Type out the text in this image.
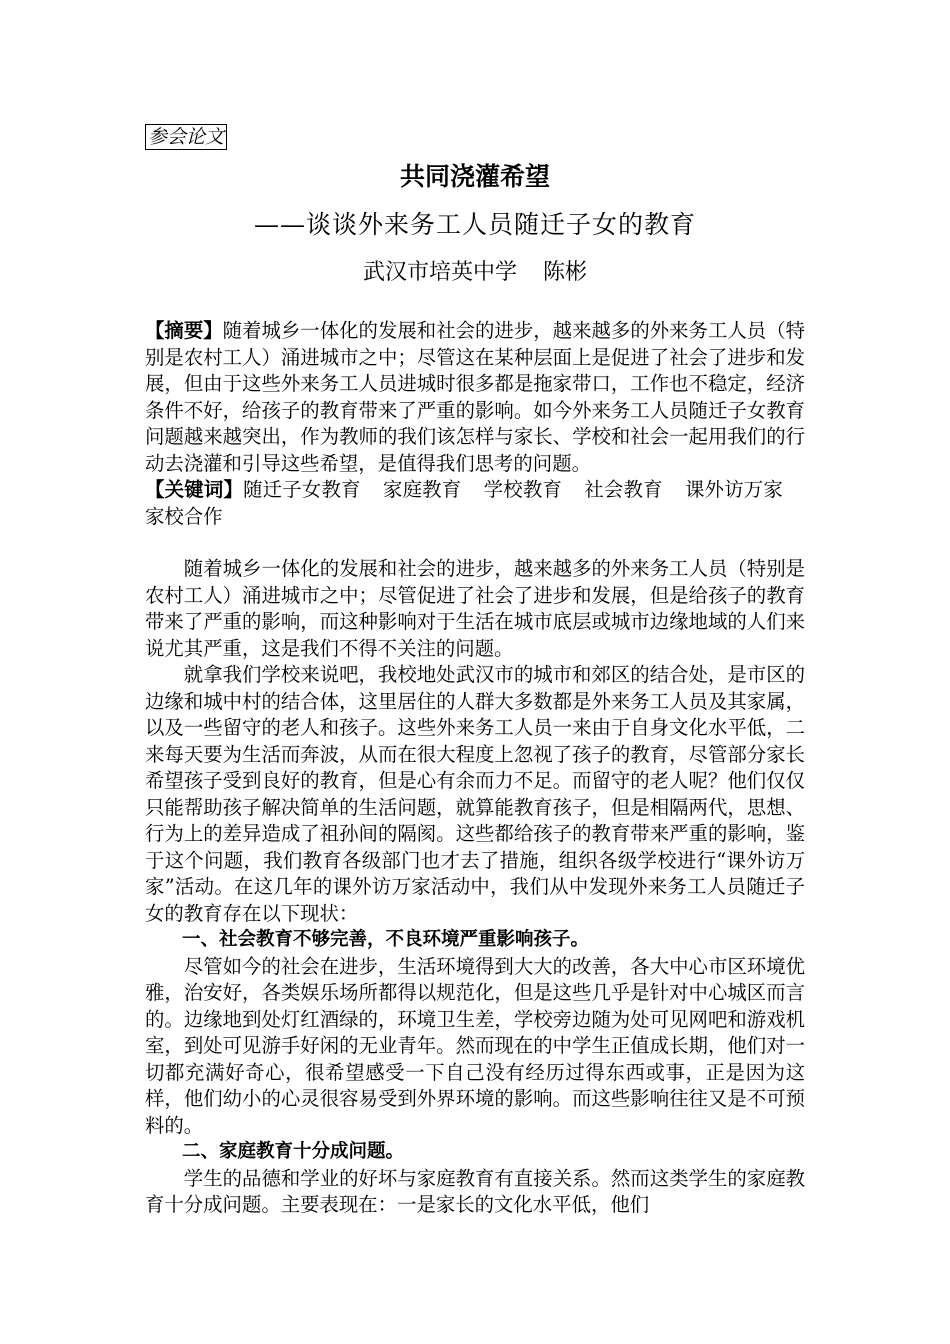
参会论文
共同浇灌希望
——谈谈外来务工人员随迁子女的教育
武汉市培英中学 陈彬

【摘要】随着城乡一体化的发展和社会的进步，越来越多的外来务工人员（特别是农村工人）涌进城市之中；尽管这在某种层面上是促进了社会了进步和发展，但由于这些外来务工人员进城时很多都是拖家带口，工作也不稳定，经济条件不好，给孩子的教育带来了严重的影响。如今外来务工人员随迁子女教育问题越来越突出，作为教师的我们该怎样与家长、学校和社会一起用我们的行动去浇灌和引导这些希望，是值得我们思考的问题。

【关键词】随迁子女教育 家庭教育 学校教育 社会教育 课外访万家家校合作

随着城乡一体化的发展和社会的进步，越来越多的外来务工人员（特别是农村工人）涌进城市之中；尽管促进了社会了进步和发展，但是给孩子的教育带来了严重的影响，而这种影响对于生活在城市底层或城市边缘地域的人们来说尤其严重，这是我们不得不关注的问题。

就拿我们学校来说吧，我校地处武汉市的城市和郊区的结合处，是市区的边缘和城中村的结合体，这里居住的人群大多数都是外来务工人员及其家属，以及一些留守的老人和孩子。这些外来务工人员一来由于自身文化水平低，二来每天要为生活而奔波，从而在很大程度上忽视了孩子的教育，尽管部分家长希望孩子受到良好的教育，但是心有余而力不足。而留守的老人呢？他们仅仅只能帮助孩子解决简单的生活问题，就算能教育孩子，但是相隔两代，思想、行为上的差异造成了祖孙间的隔阂。这些都给孩子的教育带来严重的影响，鉴于这个问题，我们教育各级部门也才去了措施，组织各级学校进行“课外访万家”活动。在这几年的课外访万家活动中，我们从中发现外来务工人员随迁子女的教育存在以下现状：

一、社会教育不够完善，不良环境严重影响孩子。

尽管如今的社会在进步，生活环境得到大大的改善，各大中心市区环境优雅，治安好，各类娱乐场所都得以规范化，但是这些几乎是针对中心城区而言的。边缘地到处灯红酒绿的，环境卫生差，学校旁边随为处可见网吧和游戏机室，到处可见游手好闲的无业青年。然而现在的中学生正值成长期，他们对一切都充满好奇心，很希望感受一下自己没有经历过得东西或事，正是因为这样，他们幼小的心灵很容易受到外界环境的影响。而这些影响往往又是不可预料的。

二、家庭教育十分成问题。

学生的品德和学业的好坏与家庭教育有直接关系。然而这类学生的家庭教育十分成问题。主要表现在：一是家长的文化水平低，他们
